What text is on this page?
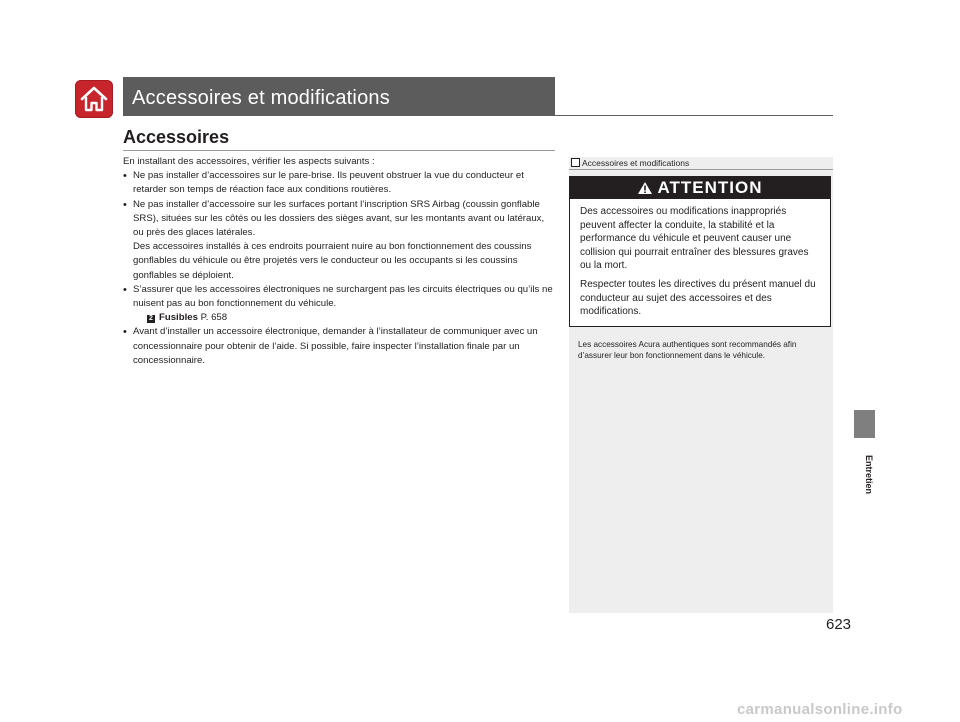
Accessoires et modifications
Accessoires

En installant des accessoires, vérifier les aspects suivants :

• Ne pas installer d’accessoires sur le pare-brise. Ils peuvent obstruer la vue du conducteur et retarder son temps de réaction face aux conditions routières.
• Ne pas installer d’accessoire sur les surfaces portant l’inscription SRS Airbag (coussin gonflable SRS), situées sur les côtés ou les dossiers des sièges avant, sur les montants avant ou latéraux, ou près des glaces latérales.
Des accessoires installés à ces endroits pourraient nuire au bon fonctionnement des coussins gonflables du véhicule ou être projetés vers le conducteur ou les occupants si les coussins gonflables se déploient.
• S’assurer que les accessoires électroniques ne surchargent pas les circuits électriques ou qu’ils ne nuisent pas au bon fonctionnement du véhicule.
2 Fusibles P. 658
• Avant d’installer un accessoire électronique, demander à l’installateur de communiquer avec un concessionnaire pour obtenir de l’aide. Si possible, faire inspecter l’installation finale par un concessionnaire.
Accessoires et modifications
ATTENTION
Des accessoires ou modifications inappropriés peuvent affecter la conduite, la stabilité et la performance du véhicule et peuvent causer une collision qui pourrait entraîner des blessures graves ou la mort.
Respecter toutes les directives du présent manuel du conducteur au sujet des accessoires et des modifications.
Les accessoires Acura authentiques sont recommandés afin d’assurer leur bon fonctionnement dans le véhicule.
Entretien
623
carmanualsonline.info
